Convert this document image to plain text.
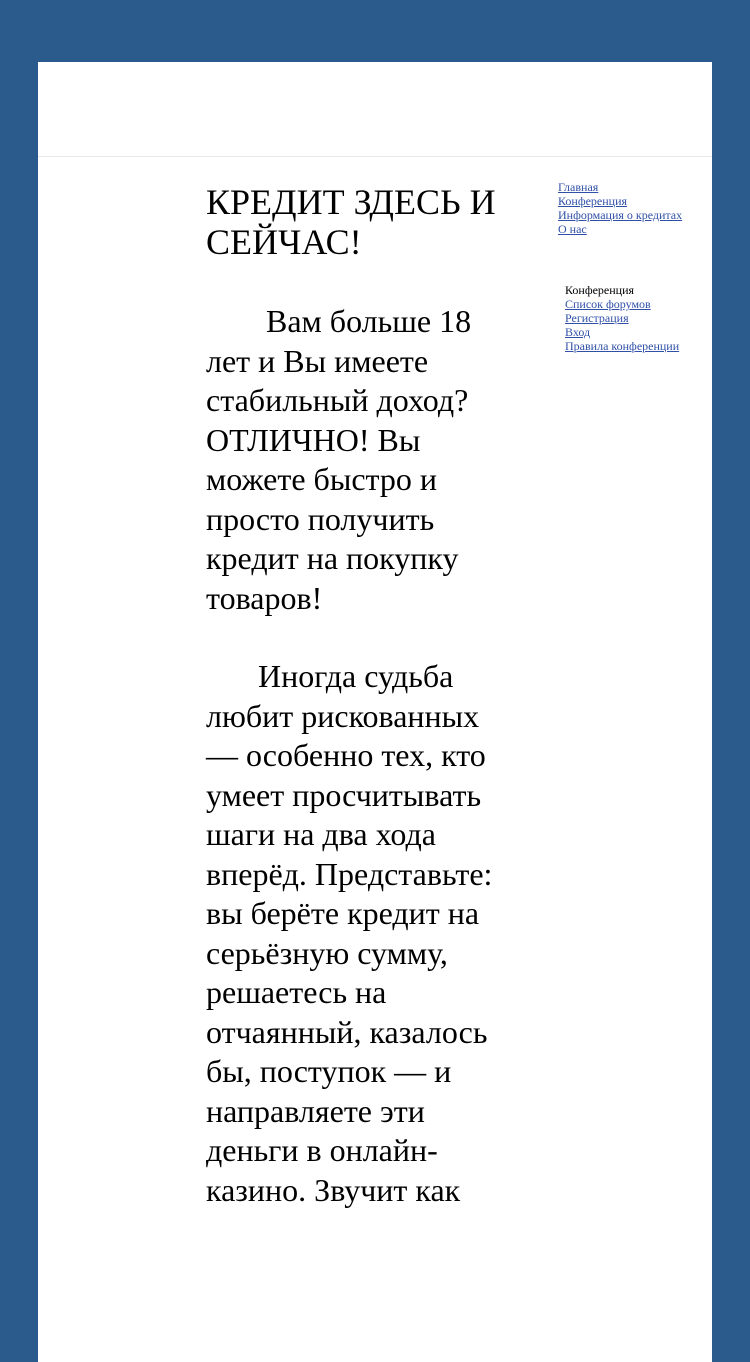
КРЕДИТ ЗДЕСЬ И СЕЙЧАС!

Вам больше 18 лет и Вы имеете стабильный доход? ОТЛИЧНО! Вы можете быстро и просто получить кредит на покупку товаров!

Иногда судьба любит рискованных — особенно тех, кто умеет просчитывать шаги на два хода вперёд. Представьте: вы берёте кредит на серьёзную сумму, решаетесь на отчаянный, казалось бы, поступок — и направляете эти деньги в онлайн-казино. Звучит как

Главная
Конференция
Информация о кредитах
О нас
Конференция
Список форумов
Регистрация
Вход
Правила конференции
